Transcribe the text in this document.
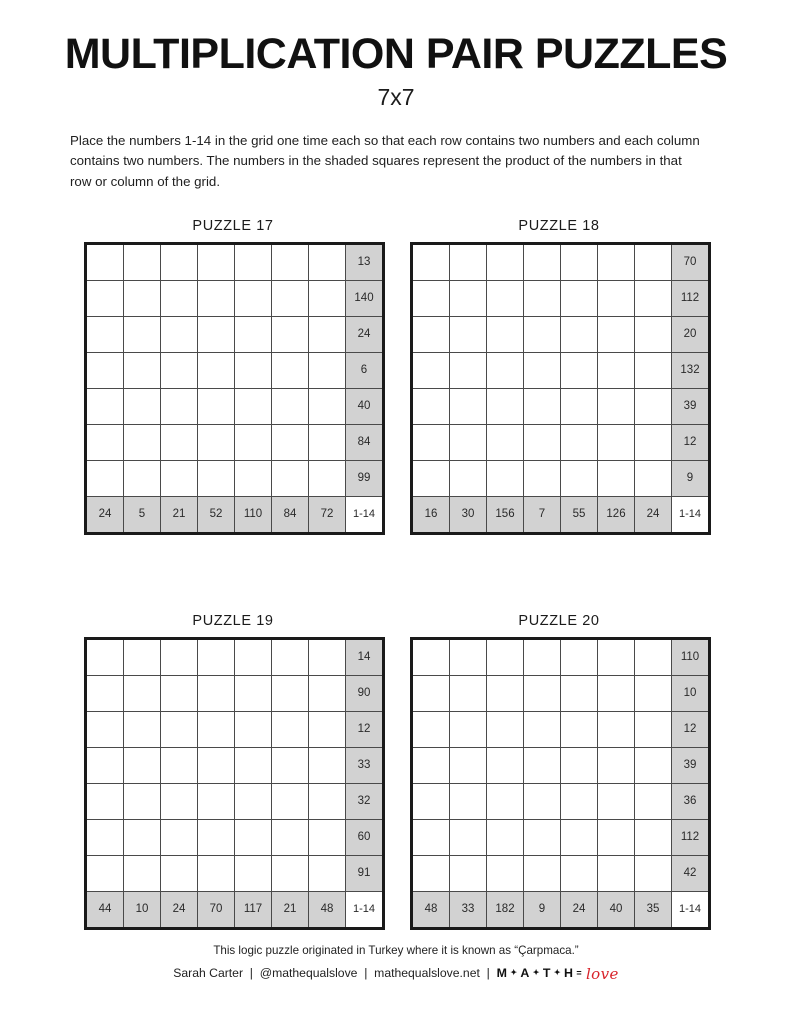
MULTIPLICATION PAIR PUZZLES
7x7

Place the numbers 1-14 in the grid one time each so that each row contains two numbers and each column contains two numbers. The numbers in the shaded squares represent the product of the numbers in that row or column of the grid.

PUZZLE 17
							13
							140
							24
							6
							40
							84
							99
24	5	21	52	110	84	72	1-14
PUZZLE 18
							70
							112
							20
							132
							39
							12
							9
16	30	156	7	55	126	24	1-14
PUZZLE 19
							14
							90
							12
							33
							32
							60
							91
44	10	24	70	117	21	48	1-14
PUZZLE 20
							110
							10
							12
							39
							36
							112
							42
48	33	182	9	24	40	35	1-14
This logic puzzle originated in Turkey where it is known as “Çarpmaca.”
Sarah Carter  |  @mathequalslove  |  mathequalslove.net  | M ✦ A ✦ T ✦ H = love
